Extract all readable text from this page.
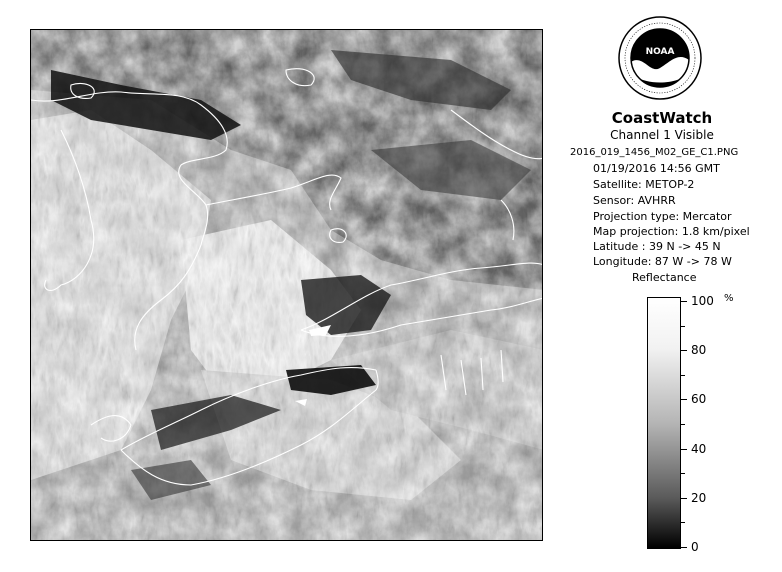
NOAA
CoastWatch
Channel 1 Visible
2016_019_1456_M02_GE_C1.PNG
01/19/2016 14:56 GMT
Satellite: METOP-2
Sensor: AVHRR
Projection type: Mercator
Map projection: 1.8 km/pixel
Latitude : 39 N -> 45 N
Longitude: 87 W -> 78 W
Reflectance
%
0
20
40
60
80
100
